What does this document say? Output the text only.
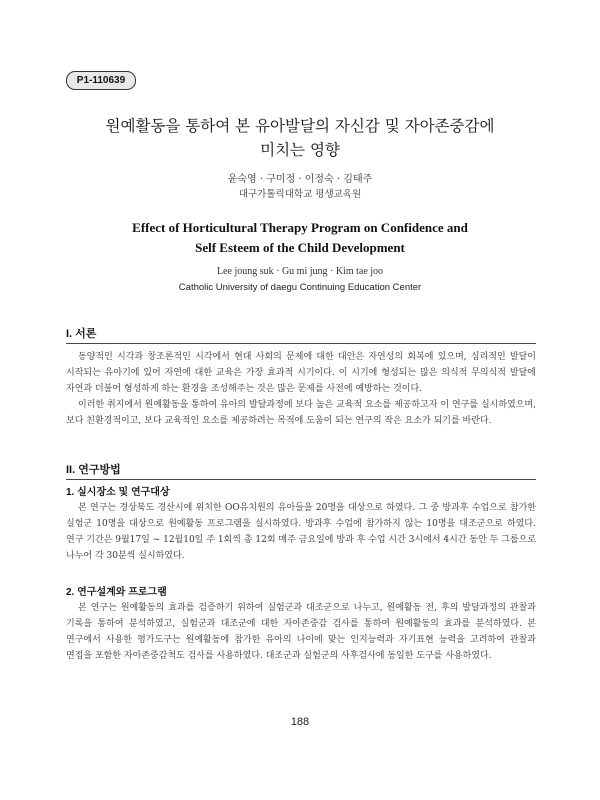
P1-110639
원예활동을 통하여 본 유아발달의 자신감 및 자아존중감에
미치는 영향
윤숙영 · 구미정 · 이정숙 · 김태주
대구가톨릭대학교 평생교육원
Effect of Horticultural Therapy Program on Confidence and
Self Esteem of the Child Development
Lee joung suk · Gu mi jung · Kim tae joo
Catholic University of daegu Continuing Education Center
I. 서론

동양적인 시각과 창조론적인 시각에서 현대 사회의 문제에 대한 대안은 자연성의 회복에 있으며, 심리적인 발달이 시작되는 유아기에 있어 자연에 대한 교육은 가장 효과적 시기이다. 이 시기에 형성되는 많은 의식적 무의식적 발달에 자연과 더불어 형성하게 하는 환경을 조성해주는 것은 많은 문제를 사전에 예방하는 것이다.

이러한 취지에서 원예활동을 통하여 유아의 발달과정에 보다 높은 교육적 요소를 제공하고자 이 연구를 실시하였으며, 보다 친환경적이고, 보다 교육적인 요소를 제공하려는 목적에 도움이 되는 연구의 작은 요소가 되기를 바란다.

II. 연구방법
1. 실시장소 및 연구대상

본 연구는 경상북도 경산시에 위치한 OO유치원의 유아들을 20명을 대상으로 하였다. 그 중 방과후 수업으로 참가한 실험군 10명을 대상으로 원예활동 프로그램을 실시하였다. 방과후 수업에 참가하지 않는 10명을 대조군으로 하였다. 연구 기간은 9월17일 ~ 12월10일 주 1회씩 총 12회 매주 금요일에 방과 후 수업 시간 3시에서 4시간 동안 두 그룹으로 나누어 각 30분씩 실시하였다.

2. 연구설계와 프로그램

본 연구는 원예활동의 효과를 검증하기 위하여 실험군과 대조군으로 나누고, 원예활동 전, 후의 발달과정의 관찰과 기록을 통하여 분석하였고, 실험군과 대조군에 대한 자아존중감 검사를 통하여 원예활동의 효과를 분석하였다. 본 연구에서 사용한 평가도구는 원예활동에 참가한 유아의 나이에 맞는 인지능력과 자기표현 능력을 고려하여 관찰과 면접을 포함한 자아존중감척도 검사를 사용하였다. 대조군과 실험군의 사후검사에 동일한 도구를 사용하였다.

188
